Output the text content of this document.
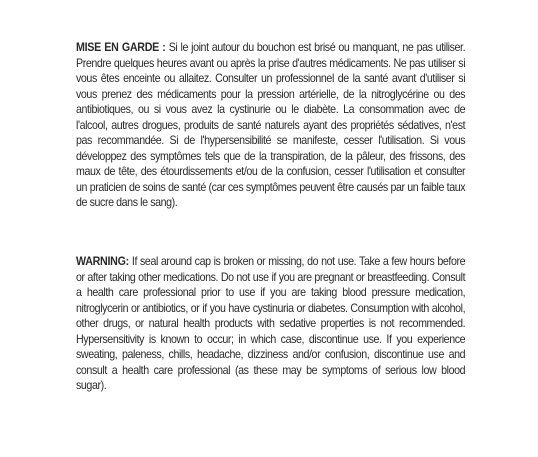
MISE EN GARDE : Si le joint autour du bouchon est brisé ou manquant, ne pas utiliser. Prendre quelques heures avant ou après la prise d'autres médicaments. Ne pas utiliser si vous êtes enceinte ou allaitez. Consulter un professionnel de la santé avant d'utiliser si vous prenez des médicaments pour la pression artérielle, de la nitroglycérine ou des antibiotiques, ou si vous avez la cystinurie ou le diabète. La consommation avec de l'alcool, autres drogues, produits de santé naturels ayant des propriétés sédatives, n'est pas recommandée. Si de l'hypersensibilité se manifeste, cesser l'utilisation. Si vous développez des symptômes tels que de la transpiration, de la pâleur, des frissons, des maux de tête, des étourdissements et/ou de la confusion, cesser l'utilisation et consulter un praticien de soins de santé (car ces symptômes peuvent être causés par un faible taux de sucre dans le sang).

WARNING: If seal around cap is broken or missing, do not use. Take a few hours before or after taking other medications. Do not use if you are pregnant or breastfeeding. Consult a health care professional prior to use if you are taking blood pressure medication, nitroglycerin or antibiotics, or if you have cystinuria or diabetes. Consumption with alcohol, other drugs, or natural health products with sedative properties is not recommended. Hypersensitivity is known to occur; in which case, discontinue use. If you experience sweating, paleness, chills, headache, dizziness and/or confusion, discontinue use and consult a health care professional (as these may be symptoms of serious low blood sugar).
